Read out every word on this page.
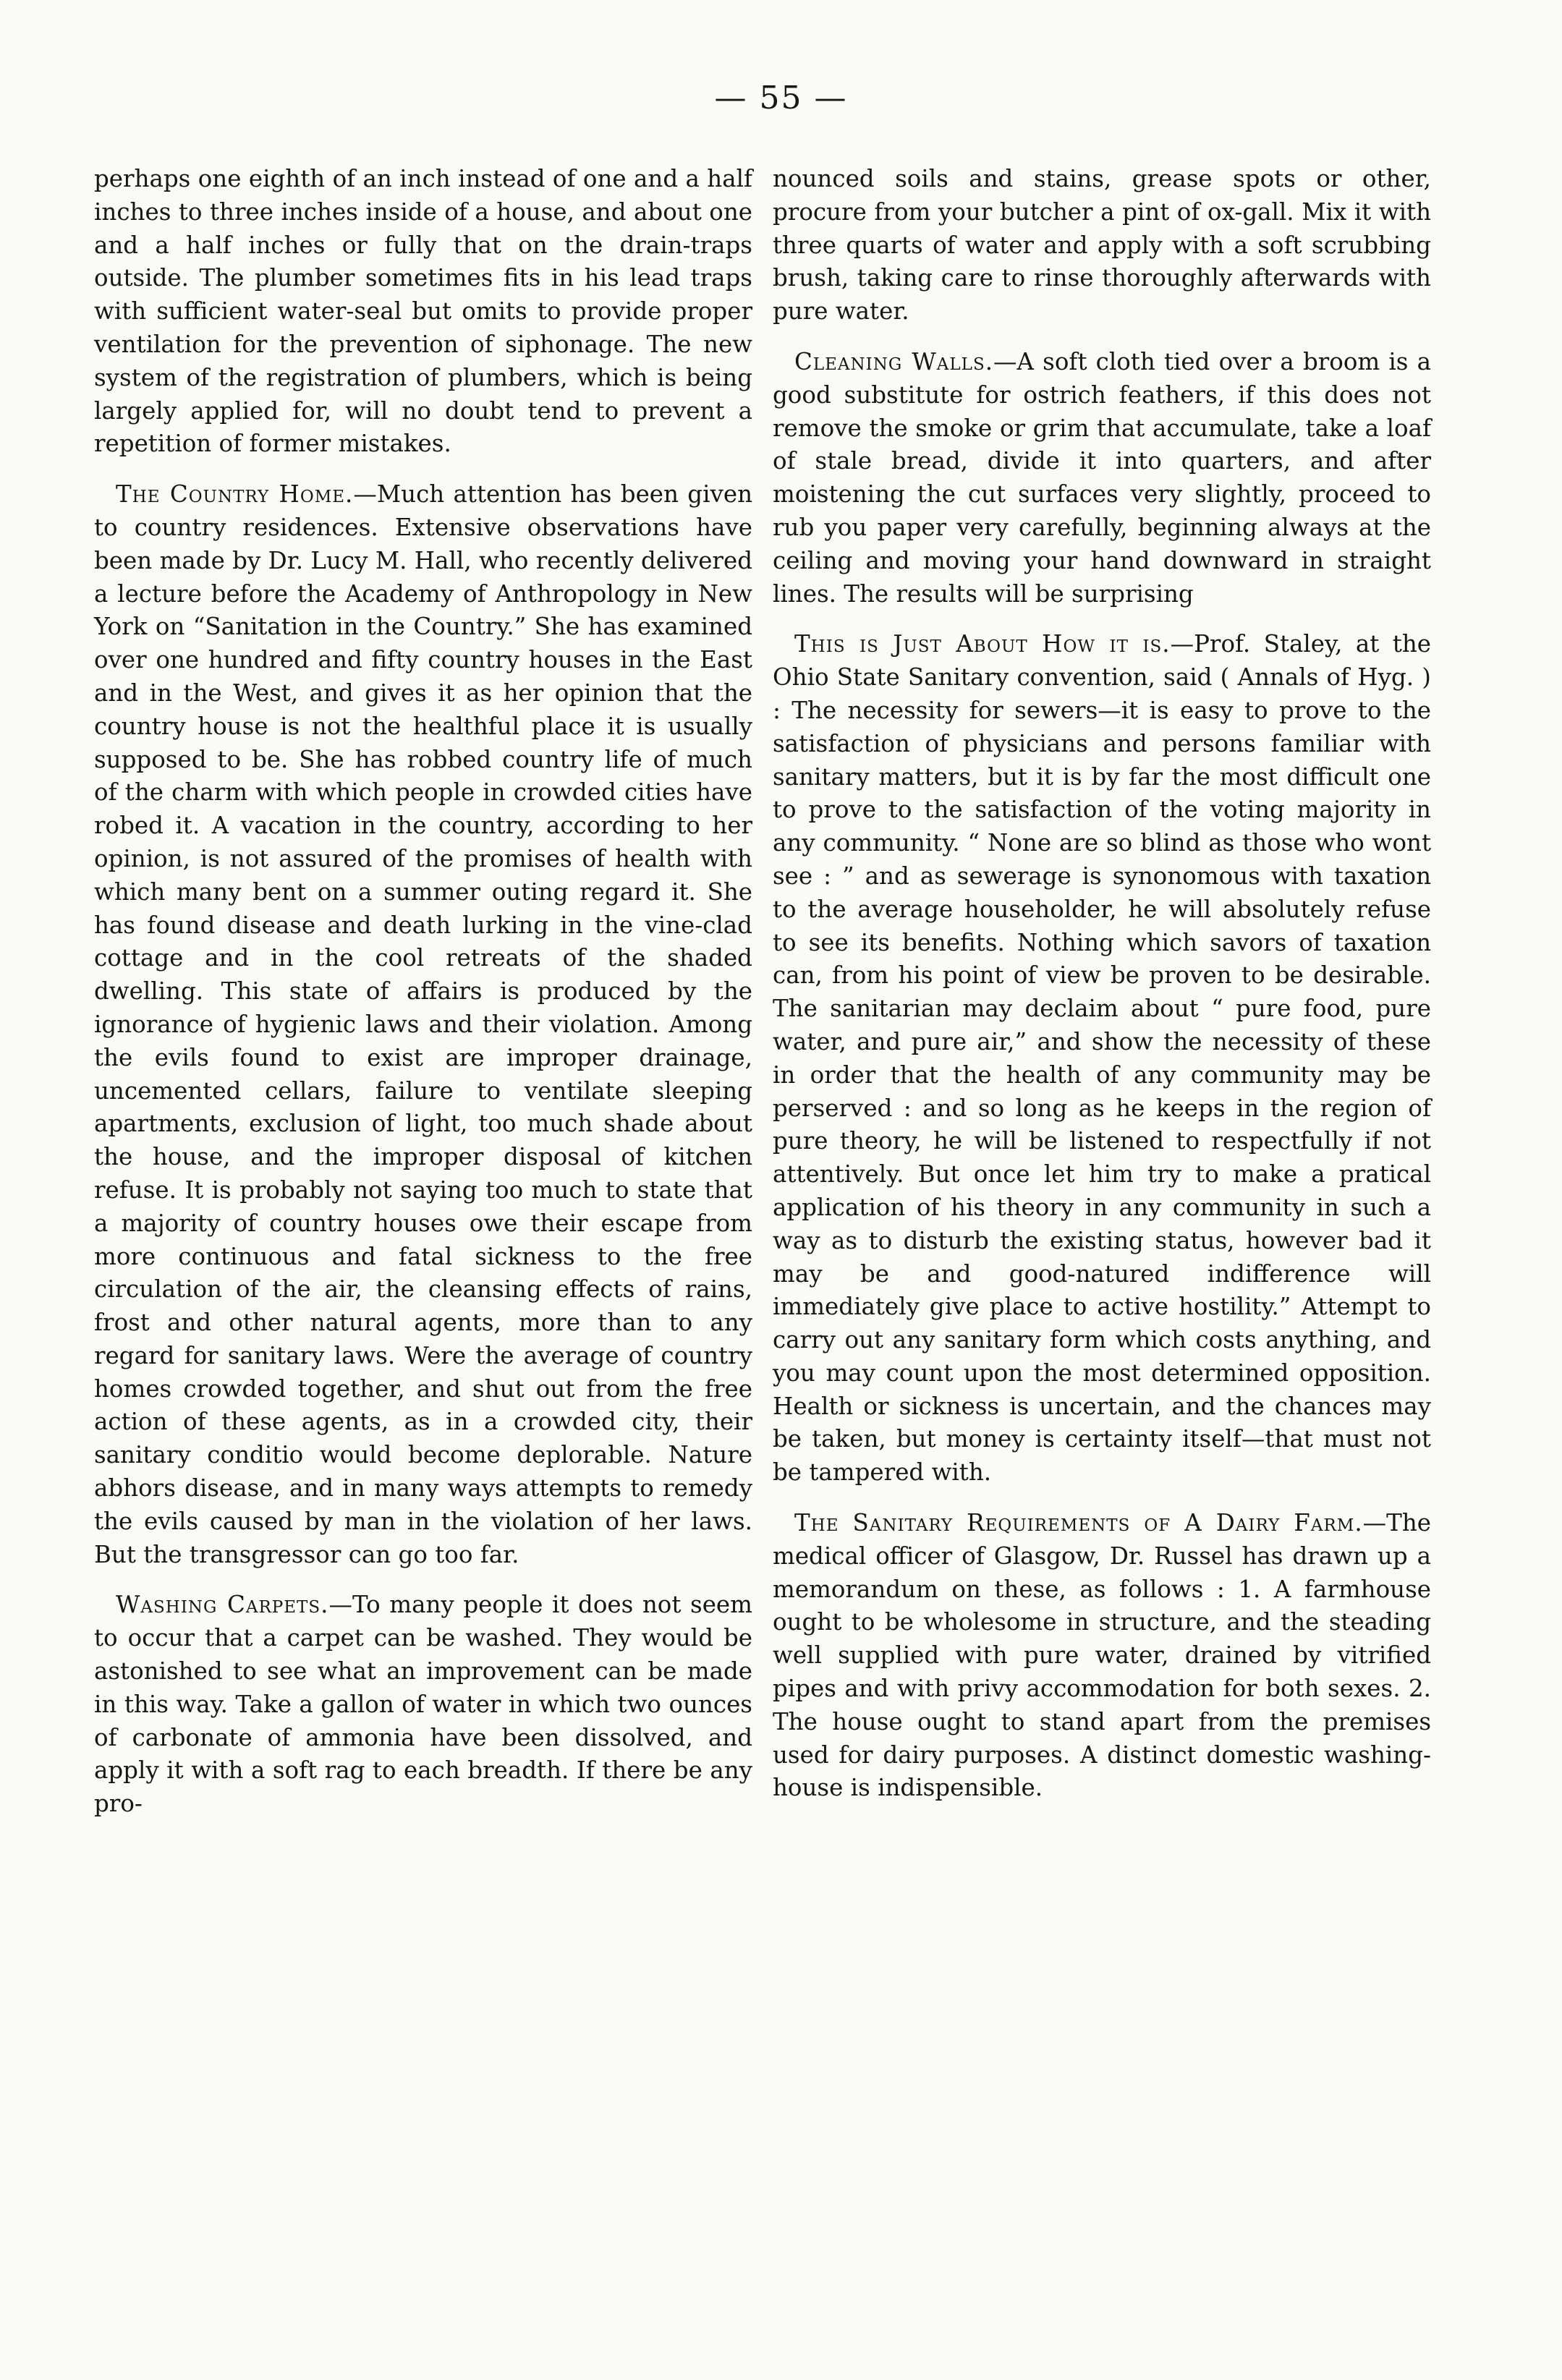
— 55 —

perhaps one eighth of an inch instead of one and a half inches to three inches inside of a house, and about one and a half inches or fully that on the drain-traps outside. The plumber sometimes fits in his lead traps with sufficient water-seal but omits to provide proper ventilation for the prevention of siphonage. The new system of the registration of plumbers, which is being largely applied for, will no doubt tend to prevent a repetition of former mistakes.

The Country Home.—Much attention has been given to country residences. Extensive observations have been made by Dr. Lucy M. Hall, who recently delivered a lecture before the Academy of Anthropology in New York on “Sanitation in the Country.” She has examined over one hundred and fifty country houses in the East and in the West, and gives it as her opinion that the country house is not the healthful place it is usually supposed to be. She has robbed country life of much of the charm with which people in crowded cities have robed it. A vacation in the country, according to her opinion, is not assured of the promises of health with which many bent on a summer outing regard it. She has found disease and death lurking in the vine-clad cottage and in the cool retreats of the shaded dwelling. This state of affairs is produced by the ignorance of hygienic laws and their violation. Among the evils found to exist are improper drainage, uncemented cellars, failure to ventilate sleeping apartments, exclusion of light, too much shade about the house, and the improper disposal of kitchen refuse. It is probably not saying too much to state that a majority of country houses owe their escape from more continuous and fatal sickness to the free circulation of the air, the cleansing effects of rains, frost and other natural agents, more than to any regard for sanitary laws. Were the average of country homes crowded together, and shut out from the free action of these agents, as in a crowded city, their sanitary conditio would become deplorable. Nature abhors disease, and in many ways attempts to remedy the evils caused by man in the violation of her laws. But the transgressor can go too far.

Washing Carpets.—To many people it does not seem to occur that a carpet can be washed. They would be astonished to see what an improvement can be made in this way. Take a gallon of water in which two ounces of carbonate of ammonia have been dissolved, and apply it with a soft rag to each breadth. If there be any pro-

nounced soils and stains, grease spots or other, procure from your butcher a pint of ox-gall. Mix it with three quarts of water and apply with a soft scrubbing brush, taking care to rinse thoroughly afterwards with pure water.

Cleaning Walls.—A soft cloth tied over a broom is a good substitute for ostrich feathers, if this does not remove the smoke or grim that accumulate, take a loaf of stale bread, divide it into quarters, and after moistening the cut surfaces very slightly, proceed to rub you paper very carefully, beginning always at the ceiling and moving your hand downward in straight lines. The results will be surprising

This is Just About How it is.—Prof. Staley, at the Ohio State Sanitary convention, said ( Annals of Hyg. ) : The necessity for sewers—it is easy to prove to the satisfaction of physicians and persons familiar with sanitary matters, but it is by far the most difficult one to prove to the satisfaction of the voting majority in any community. “ None are so blind as those who wont see : ” and as sewerage is synonomous with taxation to the average householder, he will absolutely refuse to see its benefits. Nothing which savors of taxation can, from his point of view be proven to be desirable. The sanitarian may declaim about “ pure food, pure water, and pure air,” and show the necessity of these in order that the health of any community may be perserved : and so long as he keeps in the region of pure theory, he will be listened to respectfully if not attentively. But once let him try to make a pratical application of his theory in any community in such a way as to disturb the existing status, however bad it may be and good-natured indifference will immediately give place to active hostility.” Attempt to carry out any sanitary form which costs anything, and you may count upon the most determined opposition. Health or sickness is uncertain, and the chances may be taken, but money is certainty itself—that must not be tampered with.

The Sanitary Requirements of A Dairy Farm.—The medical officer of Glasgow, Dr. Russel has drawn up a memorandum on these, as follows : 1. A farmhouse ought to be wholesome in structure, and the steading well supplied with pure water, drained by vitrified pipes and with privy accommodation for both sexes. 2. The house ought to stand apart from the premises used for dairy purposes. A distinct domestic washing-house is indispensible.
